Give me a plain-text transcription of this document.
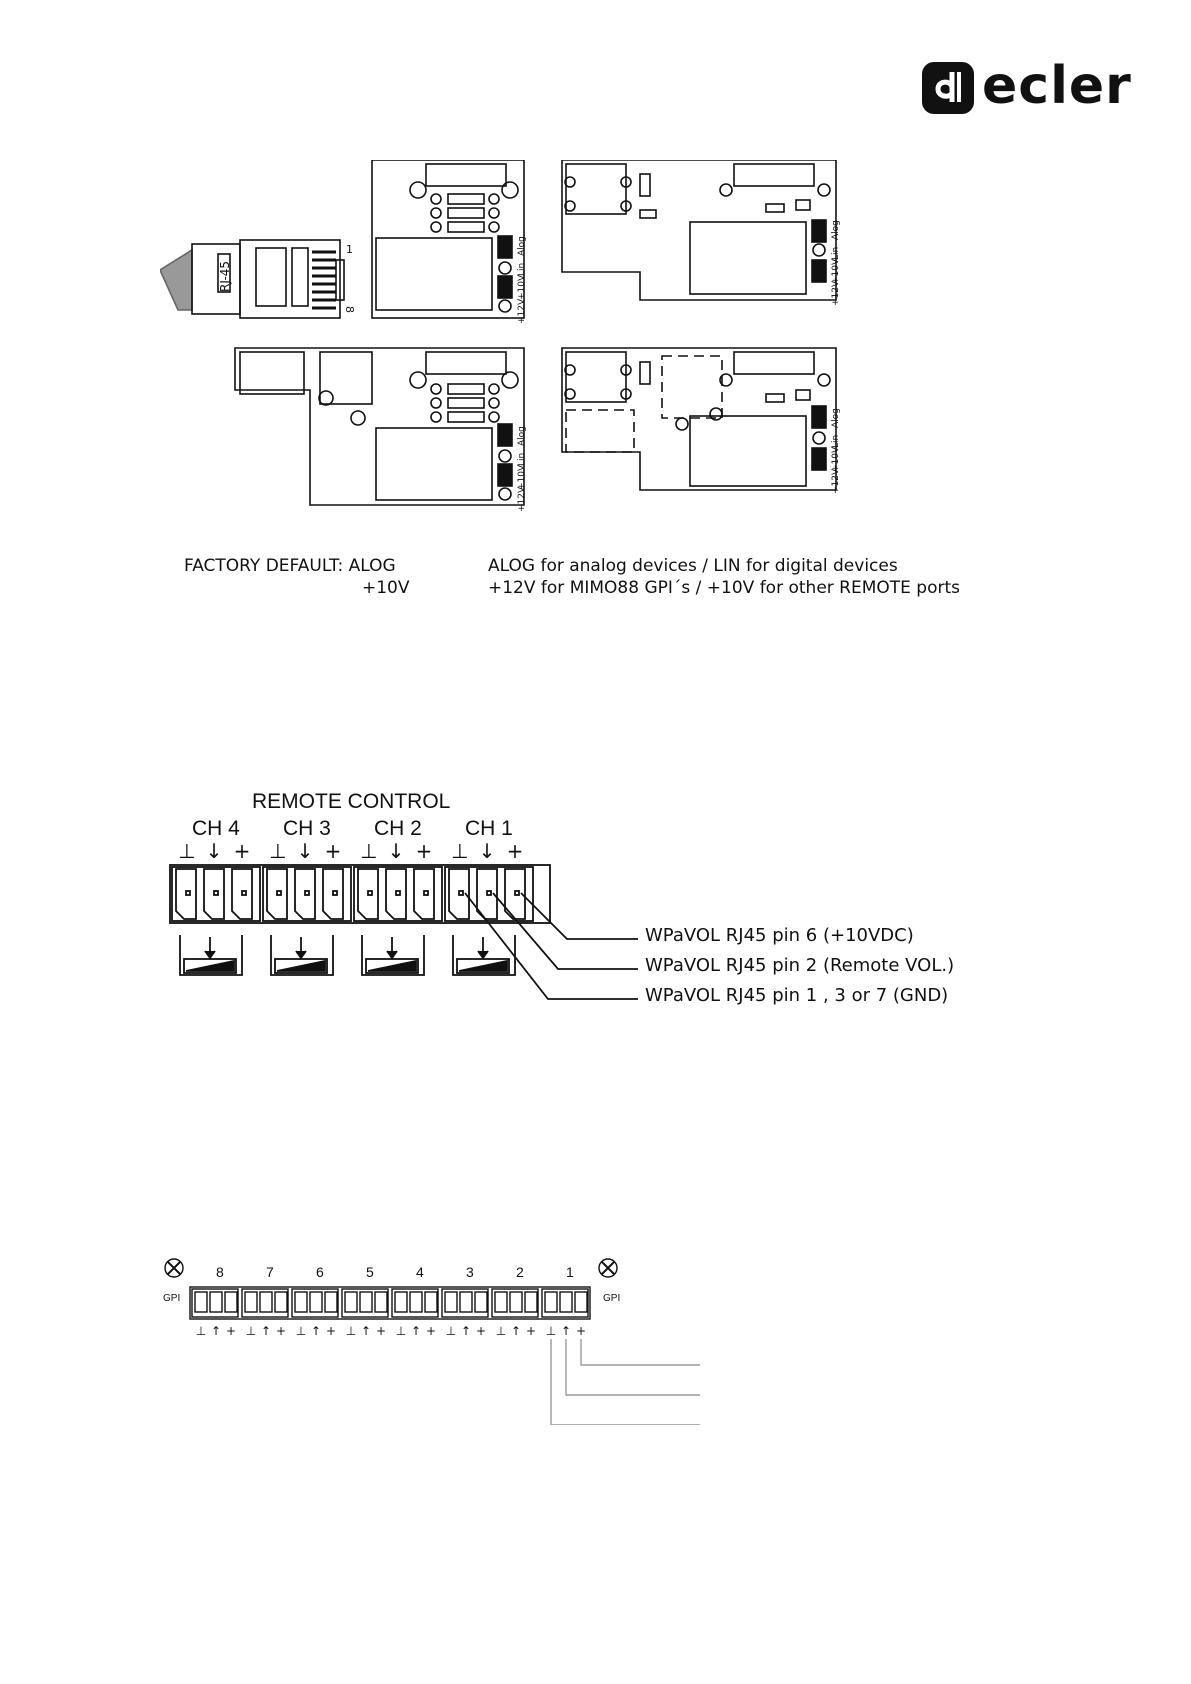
ecler
RJ-45
1
8
Alog
Lin
+10V
+12V
Alog
Lin
+10V
+12V
Alog
Lin
+10V
+12V
Alog
Lin
+10V
+12V
FACTORY DEFAULT: ALOG
+10V
ALOG for analog devices / LIN for digital devices
+12V for MIMO88 GPI´s / +10V for other REMOTE ports
REMOTE CONTROL
CH 4 CH 3 CH 2 CH 1
⊥ ↓ + ⊥ ↓ + ⊥ ↓ + ⊥ ↓ +
WPaVOL RJ45 pin 6 (+10VDC)
WPaVOL RJ45 pin 2 (Remote VOL.)
WPaVOL RJ45 pin 1 , 3 or 7 (GND)
8	7	6	5	4	3	2	1
GPI	GPI
⊥ ↑ + ⊥ ↑ + ⊥ ↑ + ⊥ ↑ + ⊥ ↑ + ⊥ ↑ + ⊥ ↑ + ⊥ ↑ +
